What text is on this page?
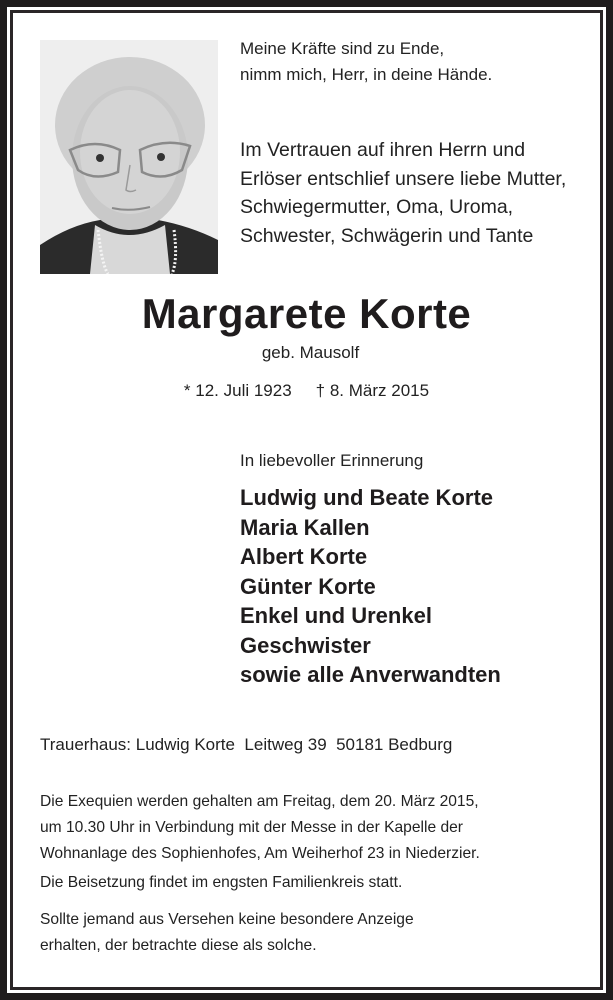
Meine Kräfte sind zu Ende,
nimm mich, Herr, in deine Hände.
Im Vertrauen auf ihren Herrn und
Erlöser entschlief unsere liebe Mutter,
Schwiegermutter, Oma, Uroma,
Schwester, Schwägerin und Tante
Margarete Korte
geb. Mausolf
* 12. Juli 1923 † 8. März 2015
In liebevoller Erinnerung
Ludwig und Beate Korte
Maria Kallen
Albert Korte
Günter Korte
Enkel und Urenkel
Geschwister
sowie alle Anverwandten
Trauerhaus: Ludwig Korte  Leitweg 39  50181 Bedburg
Die Exequien werden gehalten am Freitag, dem 20. März 2015,
um 10.30 Uhr in Verbindung mit der Messe in der Kapelle der
Wohnanlage des Sophienhofes, Am Weiherhof 23 in Niederzier.
Die Beisetzung findet im engsten Familienkreis statt.
Sollte jemand aus Versehen keine besondere Anzeige
erhalten, der betrachte diese als solche.
